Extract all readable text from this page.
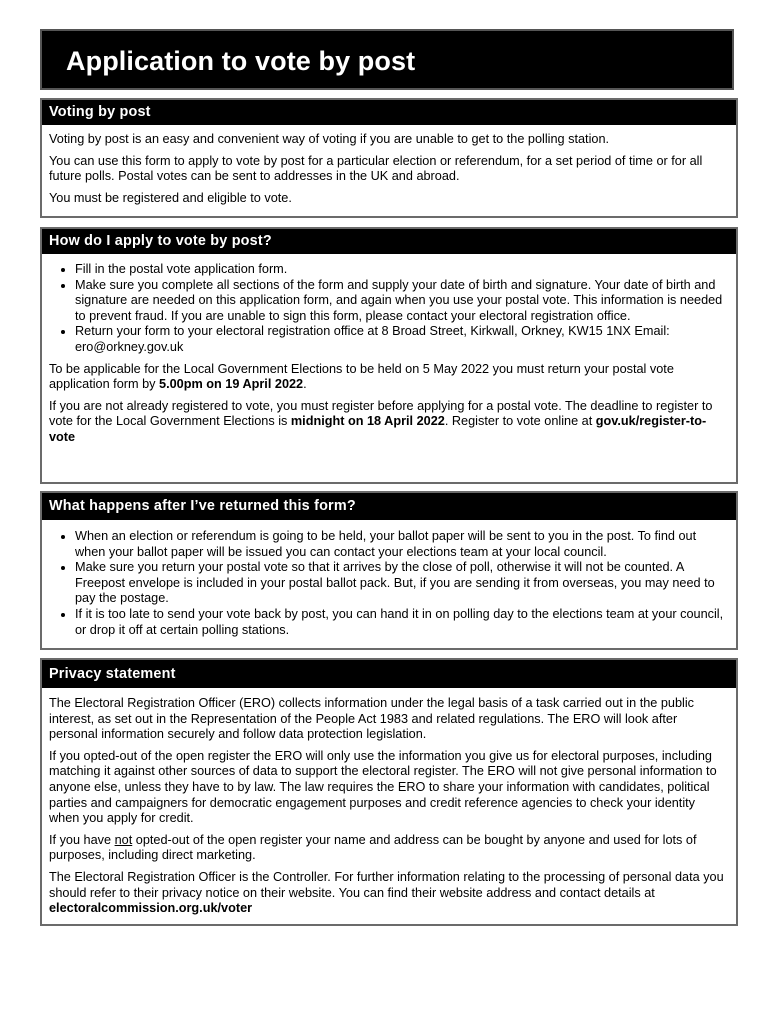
Application to vote by post
Voting by post

Voting by post is an easy and convenient way of voting if you are unable to get to the polling station.

You can use this form to apply to vote by post for a particular election or referendum, for a set period of time or for all future polls. Postal votes can be sent to addresses in the UK and abroad.

You must be registered and eligible to vote.

How do I apply to vote by post?
• Fill in the postal vote application form.
• Make sure you complete all sections of the form and supply your date of birth and signature. Your date of birth and signature are needed on this application form, and again when you use your postal vote. This information is needed to prevent fraud. If you are unable to sign this form, please contact your electoral registration office.
• Return your form to your electoral registration office at 8 Broad Street, Kirkwall, Orkney, KW15 1NX Email: ero@orkney.gov.uk

To be applicable for the Local Government Elections to be held on 5 May 2022 you must return your postal vote application form by 5.00pm on 19 April 2022.

If you are not already registered to vote, you must register before applying for a postal vote. The deadline to register to vote for the Local Government Elections is midnight on 18 April 2022. Register to vote online at gov.uk/register-to-vote

What happens after I’ve returned this form?
• When an election or referendum is going to be held, your ballot paper will be sent to you in the post. To find out when your ballot paper will be issued you can contact your elections team at your local council.
• Make sure you return your postal vote so that it arrives by the close of poll, otherwise it will not be counted. A Freepost envelope is included in your postal ballot pack. But, if you are sending it from overseas, you may need to pay the postage.
• If it is too late to send your vote back by post, you can hand it in on polling day to the elections team at your council, or drop it off at certain polling stations.
Privacy statement

The Electoral Registration Officer (ERO) collects information under the legal basis of a task carried out in the public interest, as set out in the Representation of the People Act 1983 and related regulations. The ERO will look after personal information securely and follow data protection legislation.

If you opted-out of the open register the ERO will only use the information you give us for electoral purposes, including matching it against other sources of data to support the electoral register. The ERO will not give personal information to anyone else, unless they have to by law. The law requires the ERO to share your information with candidates, political parties and campaigners for democratic engagement purposes and credit reference agencies to check your identity when you apply for credit.

If you have not opted-out of the open register your name and address can be bought by anyone and used for lots of purposes, including direct marketing.

The Electoral Registration Officer is the Controller. For further information relating to the processing of personal data you should refer to their privacy notice on their website. You can find their website address and contact details at electoralcommission.org.uk/voter
